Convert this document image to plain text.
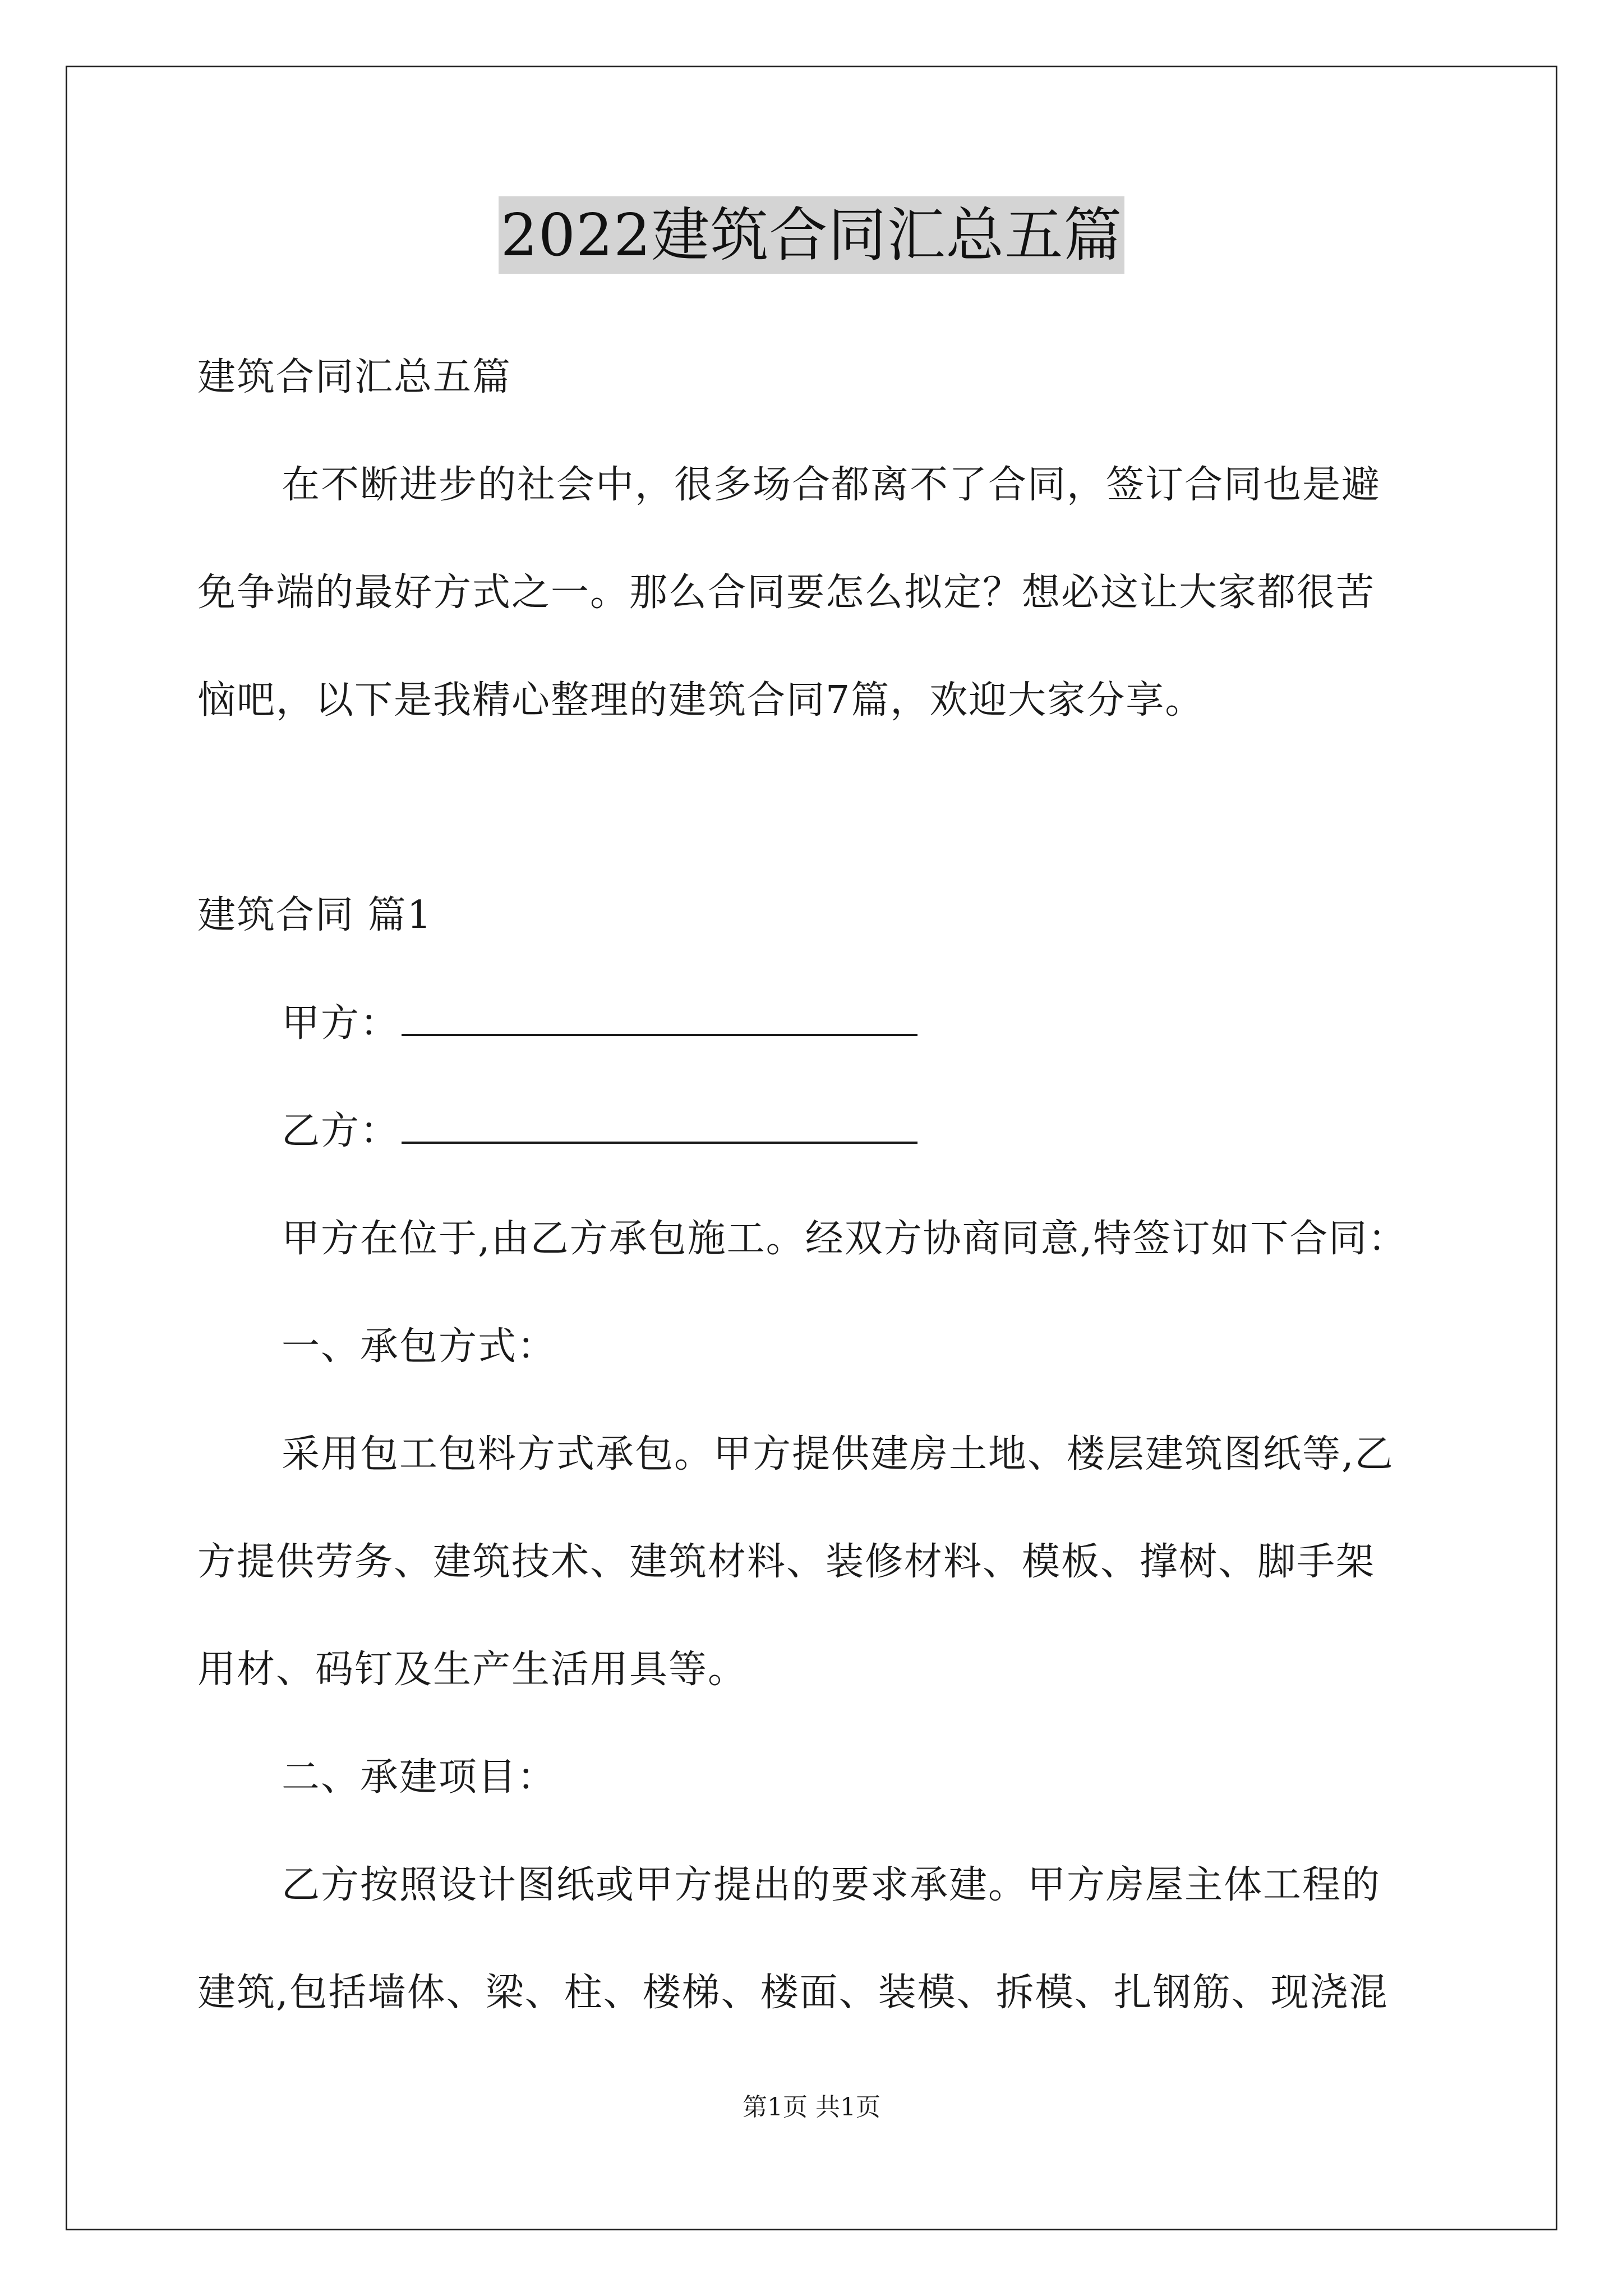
2022建筑合同汇总五篇
建筑合同汇总五篇
在不断进步的社会中，很多场合都离不了合同，签订合同也是避
免争端的最好方式之一。那么合同要怎么拟定？想必这让大家都很苦
恼吧，以下是我精心整理的建筑合同7篇，欢迎大家分享。
建筑合同 篇1
甲方：
乙方：
甲方在位于,由乙方承包施工。经双方协商同意,特签订如下合同：
一、承包方式：
采用包工包料方式承包。甲方提供建房土地、楼层建筑图纸等,乙
方提供劳务、建筑技术、建筑材料、装修材料、模板、撑树、脚手架
用材、码钉及生产生活用具等。
二、承建项目：
乙方按照设计图纸或甲方提出的要求承建。甲方房屋主体工程的
建筑,包括墙体、梁、柱、楼梯、楼面、装模、拆模、扎钢筋、现浇混
第1页 共1页
